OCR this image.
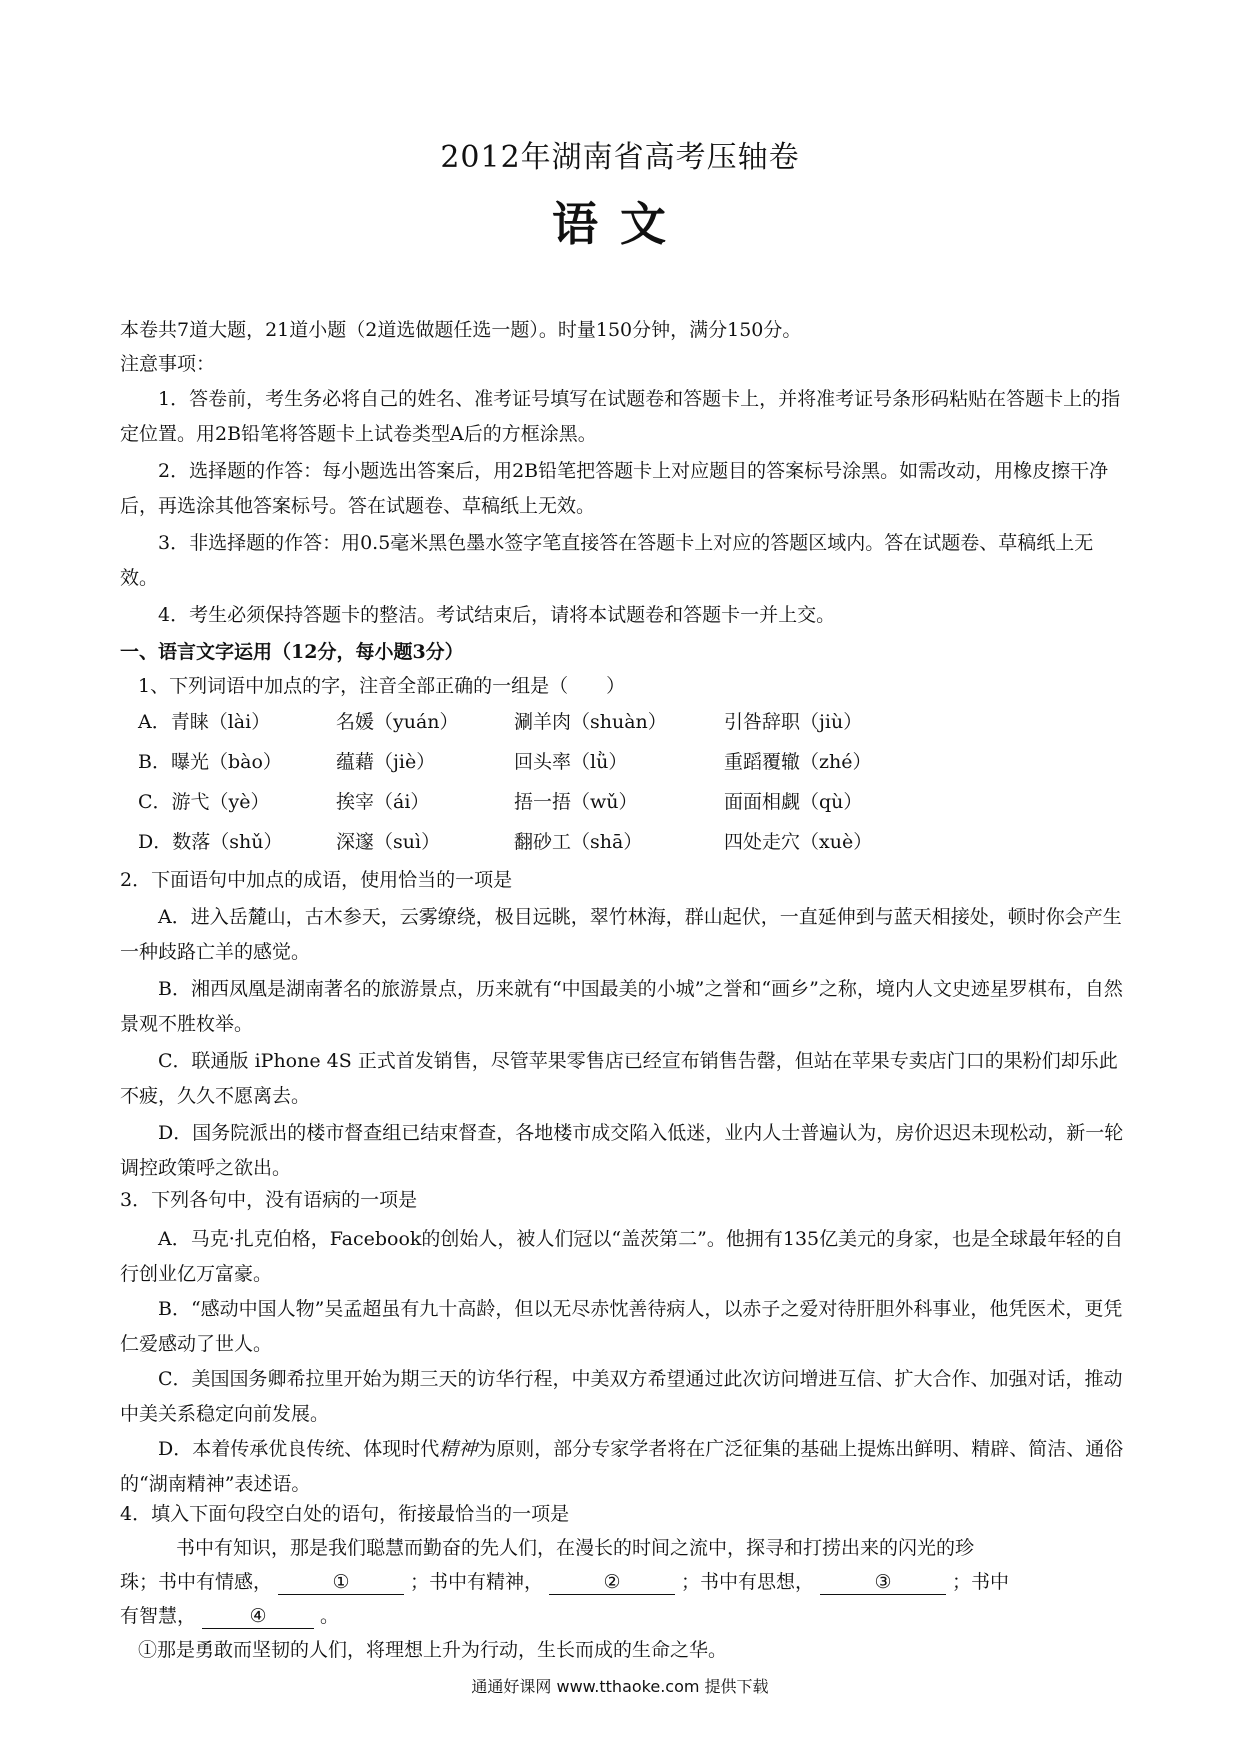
2012年湖南省高考压轴卷
语文
本卷共7道大题，21道小题（2道选做题任选一题）。时量150分钟，满分150分。
注意事项：
1．答卷前，考生务必将自己的姓名、准考证号填写在试题卷和答题卡上，并将准考证号条形码粘贴在答题卡上的指定位置。用2B铅笔将答题卡上试卷类型A后的方框涂黑。
2．选择题的作答：每小题选出答案后，用2B铅笔把答题卡上对应题目的答案标号涂黑。如需改动，用橡皮擦干净后，再选涂其他答案标号。答在试题卷、草稿纸上无效。
3．非选择题的作答：用0.5毫米黑色墨水签字笔直接答在答题卡上对应的答题区域内。答在试题卷、草稿纸上无效。
4．考生必须保持答题卡的整洁。考试结束后，请将本试题卷和答题卡一并上交。
一、语言文字运用（12分，每小题3分）
1、下列词语中加点的字，注音全部正确的一组是（　　）
A．青睐（lài）	名媛（yuán）	涮羊肉（shuàn）	引咎辞职（jiù）
B．曝光（bào）	蕴藉（jiè）	回头率（lǜ）	重蹈覆辙（zhé）
C．游弋（yè）	挨宰（ái）	捂一捂（wǔ）	面面相觑（qù）
D．数落（shǔ）	深邃（suì）	翻砂工（shā）	四处走穴（xuè）
2．下面语句中加点的成语，使用恰当的一项是
A．进入岳麓山，古木参天，云雾缭绕，极目远眺，翠竹林海，群山起伏，一直延伸到与蓝天相接处，顿时你会产生一种歧路亡羊的感觉。
B．湘西凤凰是湖南著名的旅游景点，历来就有“中国最美的小城”之誉和“画乡”之称，境内人文史迹星罗棋布，自然景观不胜枚举。
C．联通版 iPhone 4S 正式首发销售，尽管苹果零售店已经宣布销售告罄，但站在苹果专卖店门口的果粉们却乐此不疲，久久不愿离去。
D．国务院派出的楼市督查组已结束督查，各地楼市成交陷入低迷，业内人士普遍认为，房价迟迟未现松动，新一轮调控政策呼之欲出。
3．下列各句中，没有语病的一项是
A．马克·扎克伯格，Facebook的创始人，被人们冠以“盖茨第二”。他拥有135亿美元的身家，也是全球最年轻的自行创业亿万富豪。
B．“感动中国人物”吴孟超虽有九十高龄，但以无尽赤忱善待病人，以赤子之爱对待肝胆外科事业，他凭医术，更凭仁爱感动了世人。
C．美国国务卿希拉里开始为期三天的访华行程，中美双方希望通过此次访问增进互信、扩大合作、加强对话，推动中美关系稳定向前发展。
D．本着传承优良传统、体现时代精神为原则，部分专家学者将在广泛征集的基础上提炼出鲜明、精辟、简洁、通俗的“湖南精神”表述语。
4．填入下面句段空白处的语句，衔接最恰当的一项是
书中有知识，那是我们聪慧而勤奋的先人们，在漫长的时间之流中，探寻和打捞出来的闪光的珍
珠；书中有情感，	①	；书中有精神，	②	；书中有思想，	③	；书中
有智慧，	④	。
①那是勇敢而坚韧的人们，将理想上升为行动，生长而成的生命之华。
通通好课网 www.tthaoke.com 提供下载
